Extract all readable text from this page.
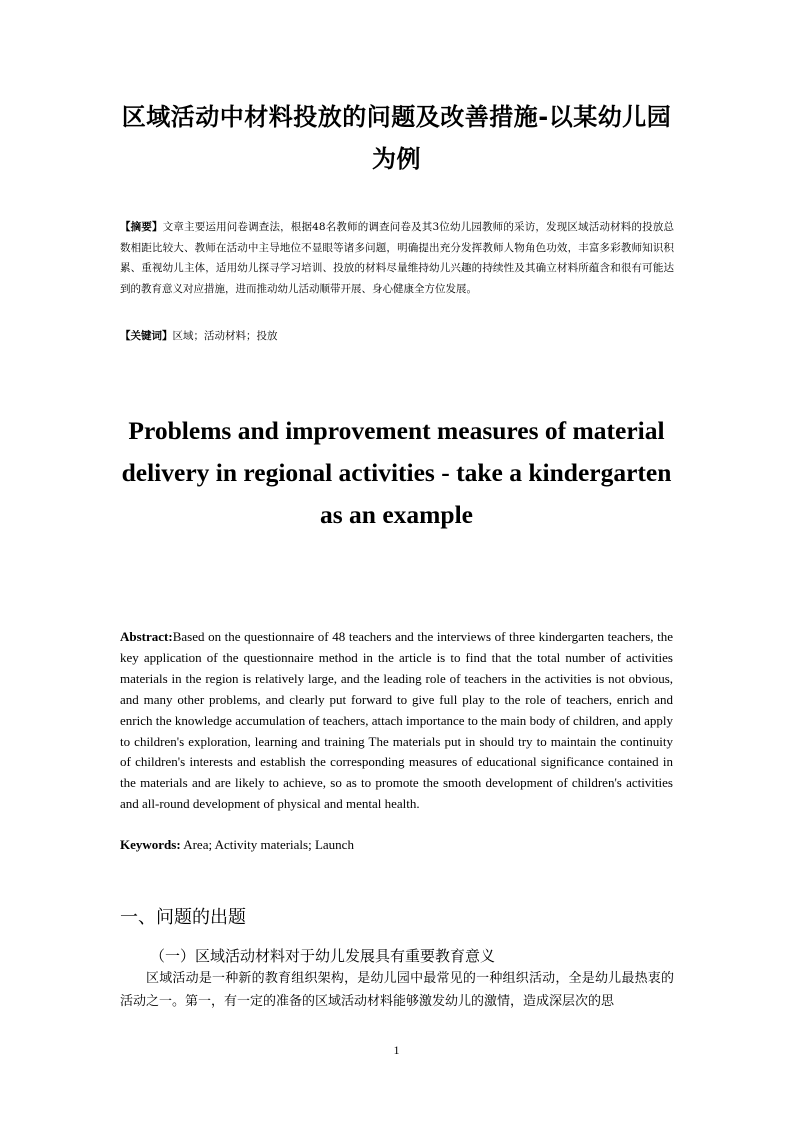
区域活动中材料投放的问题及改善措施-以某幼儿园为例
【摘要】文章主要运用问卷调查法，根据48名教师的调查问卷及其3位幼儿园教师的采访，发现区域活动材料的投放总数相距比较大、教师在活动中主导地位不显眼等诸多问题，明确提出充分发挥教师人物角色功效，丰富多彩教师知识积累、重视幼儿主体，适用幼儿探寻学习培训、投放的材料尽量维持幼儿兴趣的持续性及其确立材料所蕴含和很有可能达到的教育意义对应措施，进而推动幼儿活动顺带开展、身心健康全方位发展。
【关键词】区域；活动材料；投放
Problems and improvement measures of material delivery in regional activities - take a kindergarten as an example
Abstract:Based on the questionnaire of 48 teachers and the interviews of three kindergarten teachers, the key application of the questionnaire method in the article is to find that the total number of activities materials in the region is relatively large, and the leading role of teachers in the activities is not obvious, and many other problems, and clearly put forward to give full play to the role of teachers, enrich and enrich the knowledge accumulation of teachers, attach importance to the main body of children, and apply to children's exploration, learning and training The materials put in should try to maintain the continuity of children's interests and establish the corresponding measures of educational significance contained in the materials and are likely to achieve, so as to promote the smooth development of children's activities and all-round development of physical and mental health.
Keywords: Area; Activity materials; Launch
一、问题的出题
（一）区域活动材料对于幼儿发展具有重要教育意义
区域活动是一种新的教育组织架构，是幼儿园中最常见的一种组织活动，全是幼儿最热衷的活动之一。第一，有一定的准备的区域活动材料能够激发幼儿的激情，造成深层次的思
1
